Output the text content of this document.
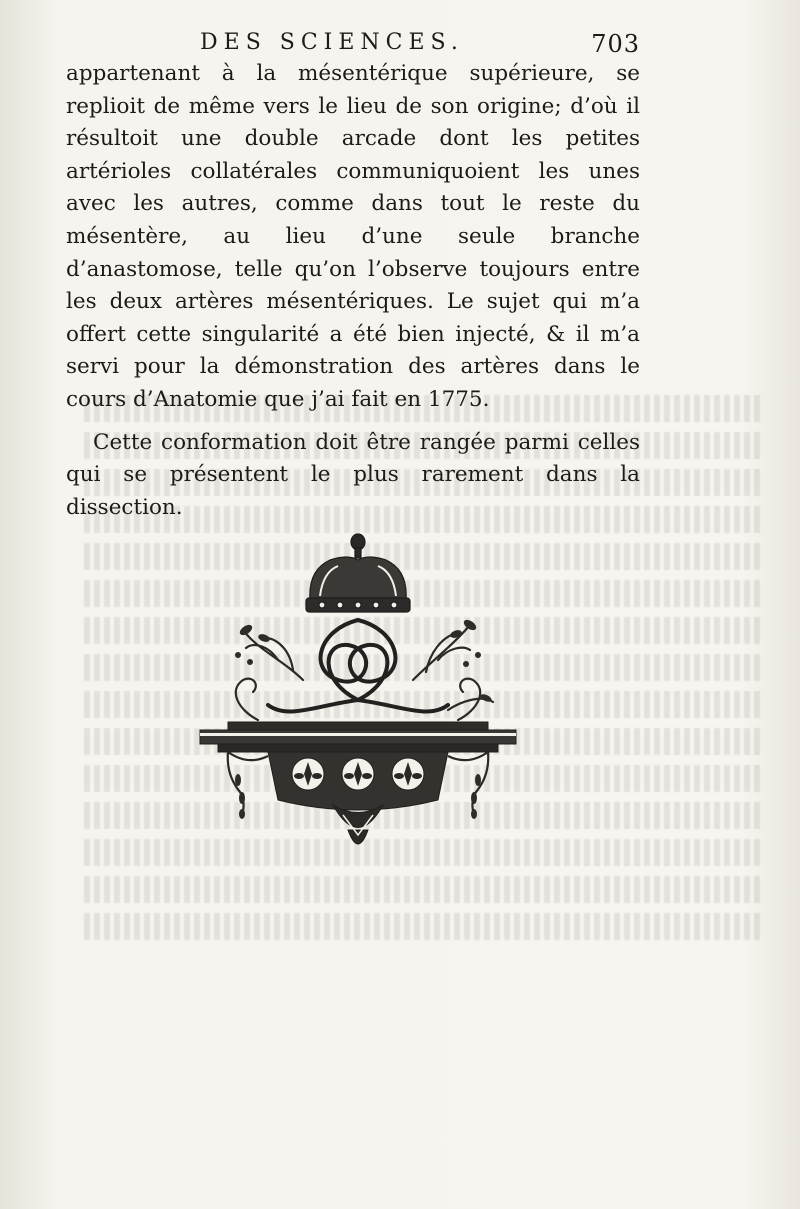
DES SCIENCES.	703

appartenant à la mésentérique supérieure, se replioit de même vers le lieu de son origine; d’où il résultoit une double arcade dont les petites artérioles collatérales communiquoient les unes avec les autres, comme dans tout le reste du mésentère, au lieu d’une seule branche d’anastomose, telle qu’on l’observe toujours entre les deux artères mésentériques. Le sujet qui m’a offert cette singularité a été bien injecté, & il m’a servi pour la démonstration des artères dans le cours d’Anatomie que j’ai fait en 1775.

Cette conformation doit être rangée parmi celles qui se présentent le plus rarement dans la dissection.
